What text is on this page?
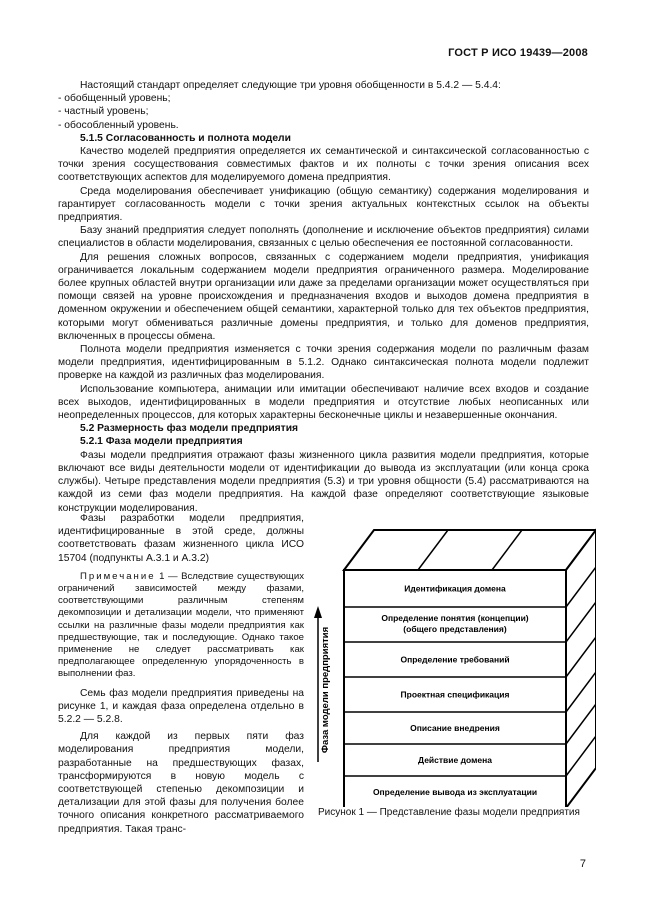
ГОСТ Р ИСО 19439—2008

Настоящий стандарт определяет следующие три уровня обобщенности в 5.4.2 — 5.4.4:

- обобщенный уровень;

- частный уровень;

- обособленный уровень.

5.1.5 Согласованность и полнота модели

Качество моделей предприятия определяется их семантической и синтаксической согласованностью с точки зрения сосуществования совместимых фактов и их полноты с точки зрения описания всех соответствующих аспектов для моделируемого домена предприятия.

Среда моделирования обеспечивает унификацию (общую семантику) содержания моделирования и гарантирует согласованность модели с точки зрения актуальных контекстных ссылок на объекты предприятия.

Базу знаний предприятия следует пополнять (дополнение и исключение объектов предприятия) силами специалистов в области моделирования, связанных с целью обеспечения ее постоянной согласованности.

Для решения сложных вопросов, связанных с содержанием модели предприятия, унификация ограничивается локальным содержанием модели предприятия ограниченного размера. Моделирование более крупных областей внутри организации или даже за пределами организации может осуществляться при помощи связей на уровне происхождения и предназначения входов и выходов домена предприятия в доменном окружении и обеспечением общей семантики, характерной только для тех объектов предприятия, которыми могут обмениваться различные домены предприятия, и только для доменов предприятия, включенных в процессы обмена.

Полнота модели предприятия изменяется с точки зрения содержания модели по различным фазам модели предприятия, идентифицированным в 5.1.2. Однако синтаксическая полнота модели подлежит проверке на каждой из различных фаз моделирования.

Использование компьютера, анимации или имитации обеспечивают наличие всех входов и создание всех выходов, идентифицированных в модели предприятия и отсутствие любых неописанных или неопределенных процессов, для которых характерны бесконечные циклы и незавершенные окончания.

5.2 Размерность фаз модели предприятия

5.2.1 Фаза модели предприятия

Фазы модели предприятия отражают фазы жизненного цикла развития модели предприятия, которые включают все виды деятельности модели от идентификации до вывода из эксплуатации (или конца срока службы). Четыре представления модели предприятия (5.3) и три уровня общности (5.4) рассматриваются на каждой из семи фаз модели предприятия. На каждой фазе определяют соответствующие языковые конструкции моделирования.

Фазы разработки модели предприятия, идентифицированные в этой среде, должны соответствовать фазам жизненного цикла ИСО 15704 (подпункты А.3.1 и А.3.2)

Примечание 1 — Вследствие существующих ограничений зависимостей между фазами, соответствующими различным степеням декомпозиции и детализации модели, что применяют ссылки на различные фазы модели предприятия как предшествующие, так и последующие. Однако такое применение не следует рассматривать как предполагающее определенную упорядоченность в выполнении фаз.

Семь фаз модели предприятия приведены на рисунке 1, и каждая фаза определена отдельно в 5.2.2 — 5.2.8.

Для каждой из первых пяти фаз моделирования предприятия модели, разработанные на предшествующих фазах, трансформируются в новую модель с соответствующей степенью декомпозиции и детализации для этой фазы для получения более точного описания конкретного рассматриваемого предприятия. Такая транс-

Фаза модели предприятия
Идентификация домена
Определение понятия (концепции)
(общего представления)
Определение требований
Проектная спецификация
Описание внедрения
Действие домена
Определение вывода из эксплуатации
Рисунок 1 — Представление фазы модели предприятия
7
